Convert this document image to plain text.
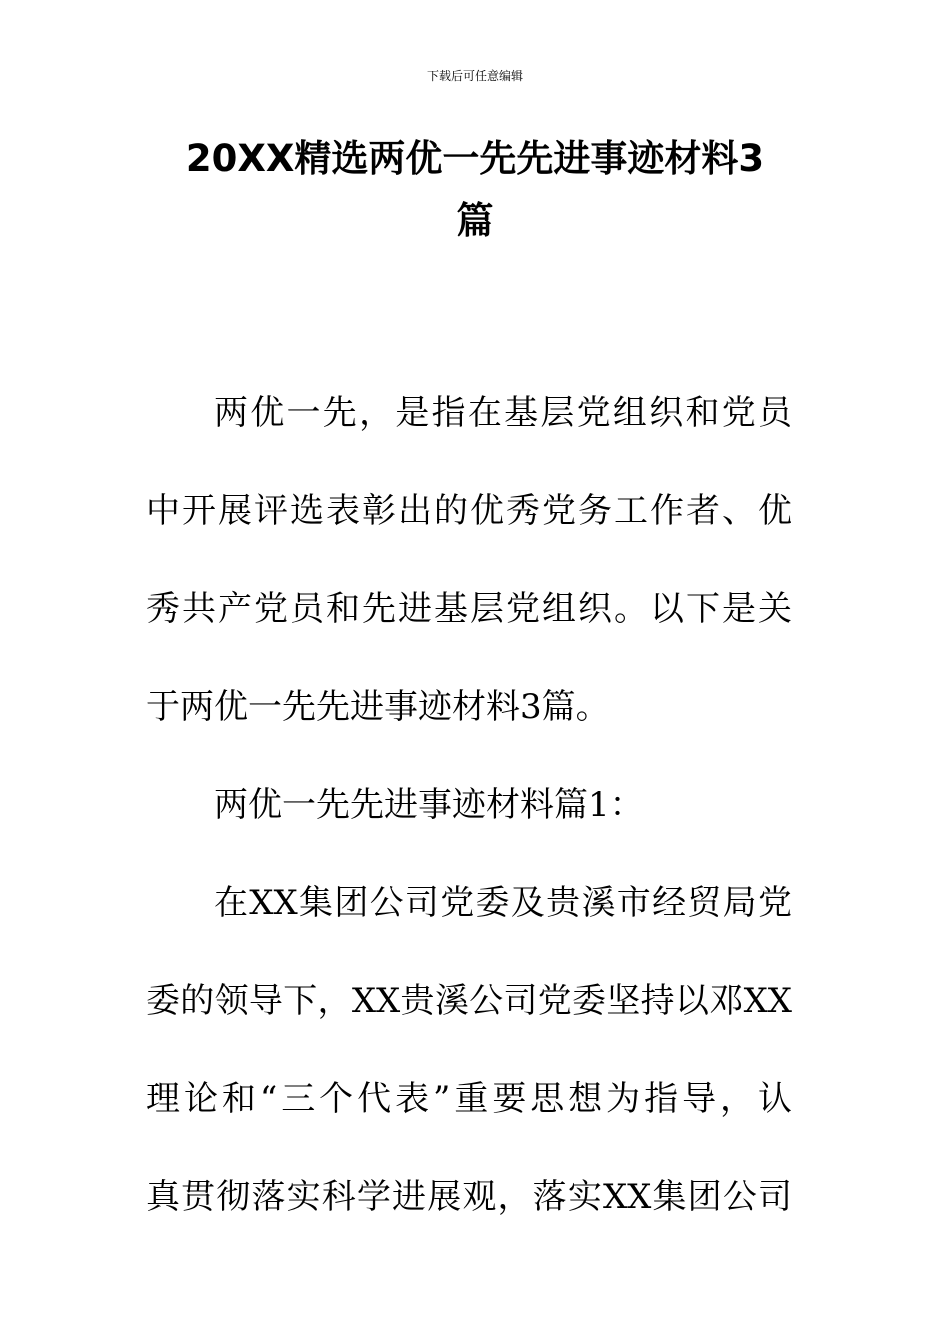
下载后可任意编辑
20XX精选两优一先先进事迹材料3
篇

两优一先，是指在基层党组织和党员
中开展评选表彰出的优秀党务工作者、优
秀共产党员和先进基层党组织。以下是关
于两优一先先进事迹材料3篇。

两优一先先进事迹材料篇1：

在XX集团公司党委及贵溪市经贸局党
委的领导下，XX贵溪公司党委坚持以邓XX
理论和“三个代表”重要思想为指导，认
真贯彻落实科学进展观，落实XX集团公司
